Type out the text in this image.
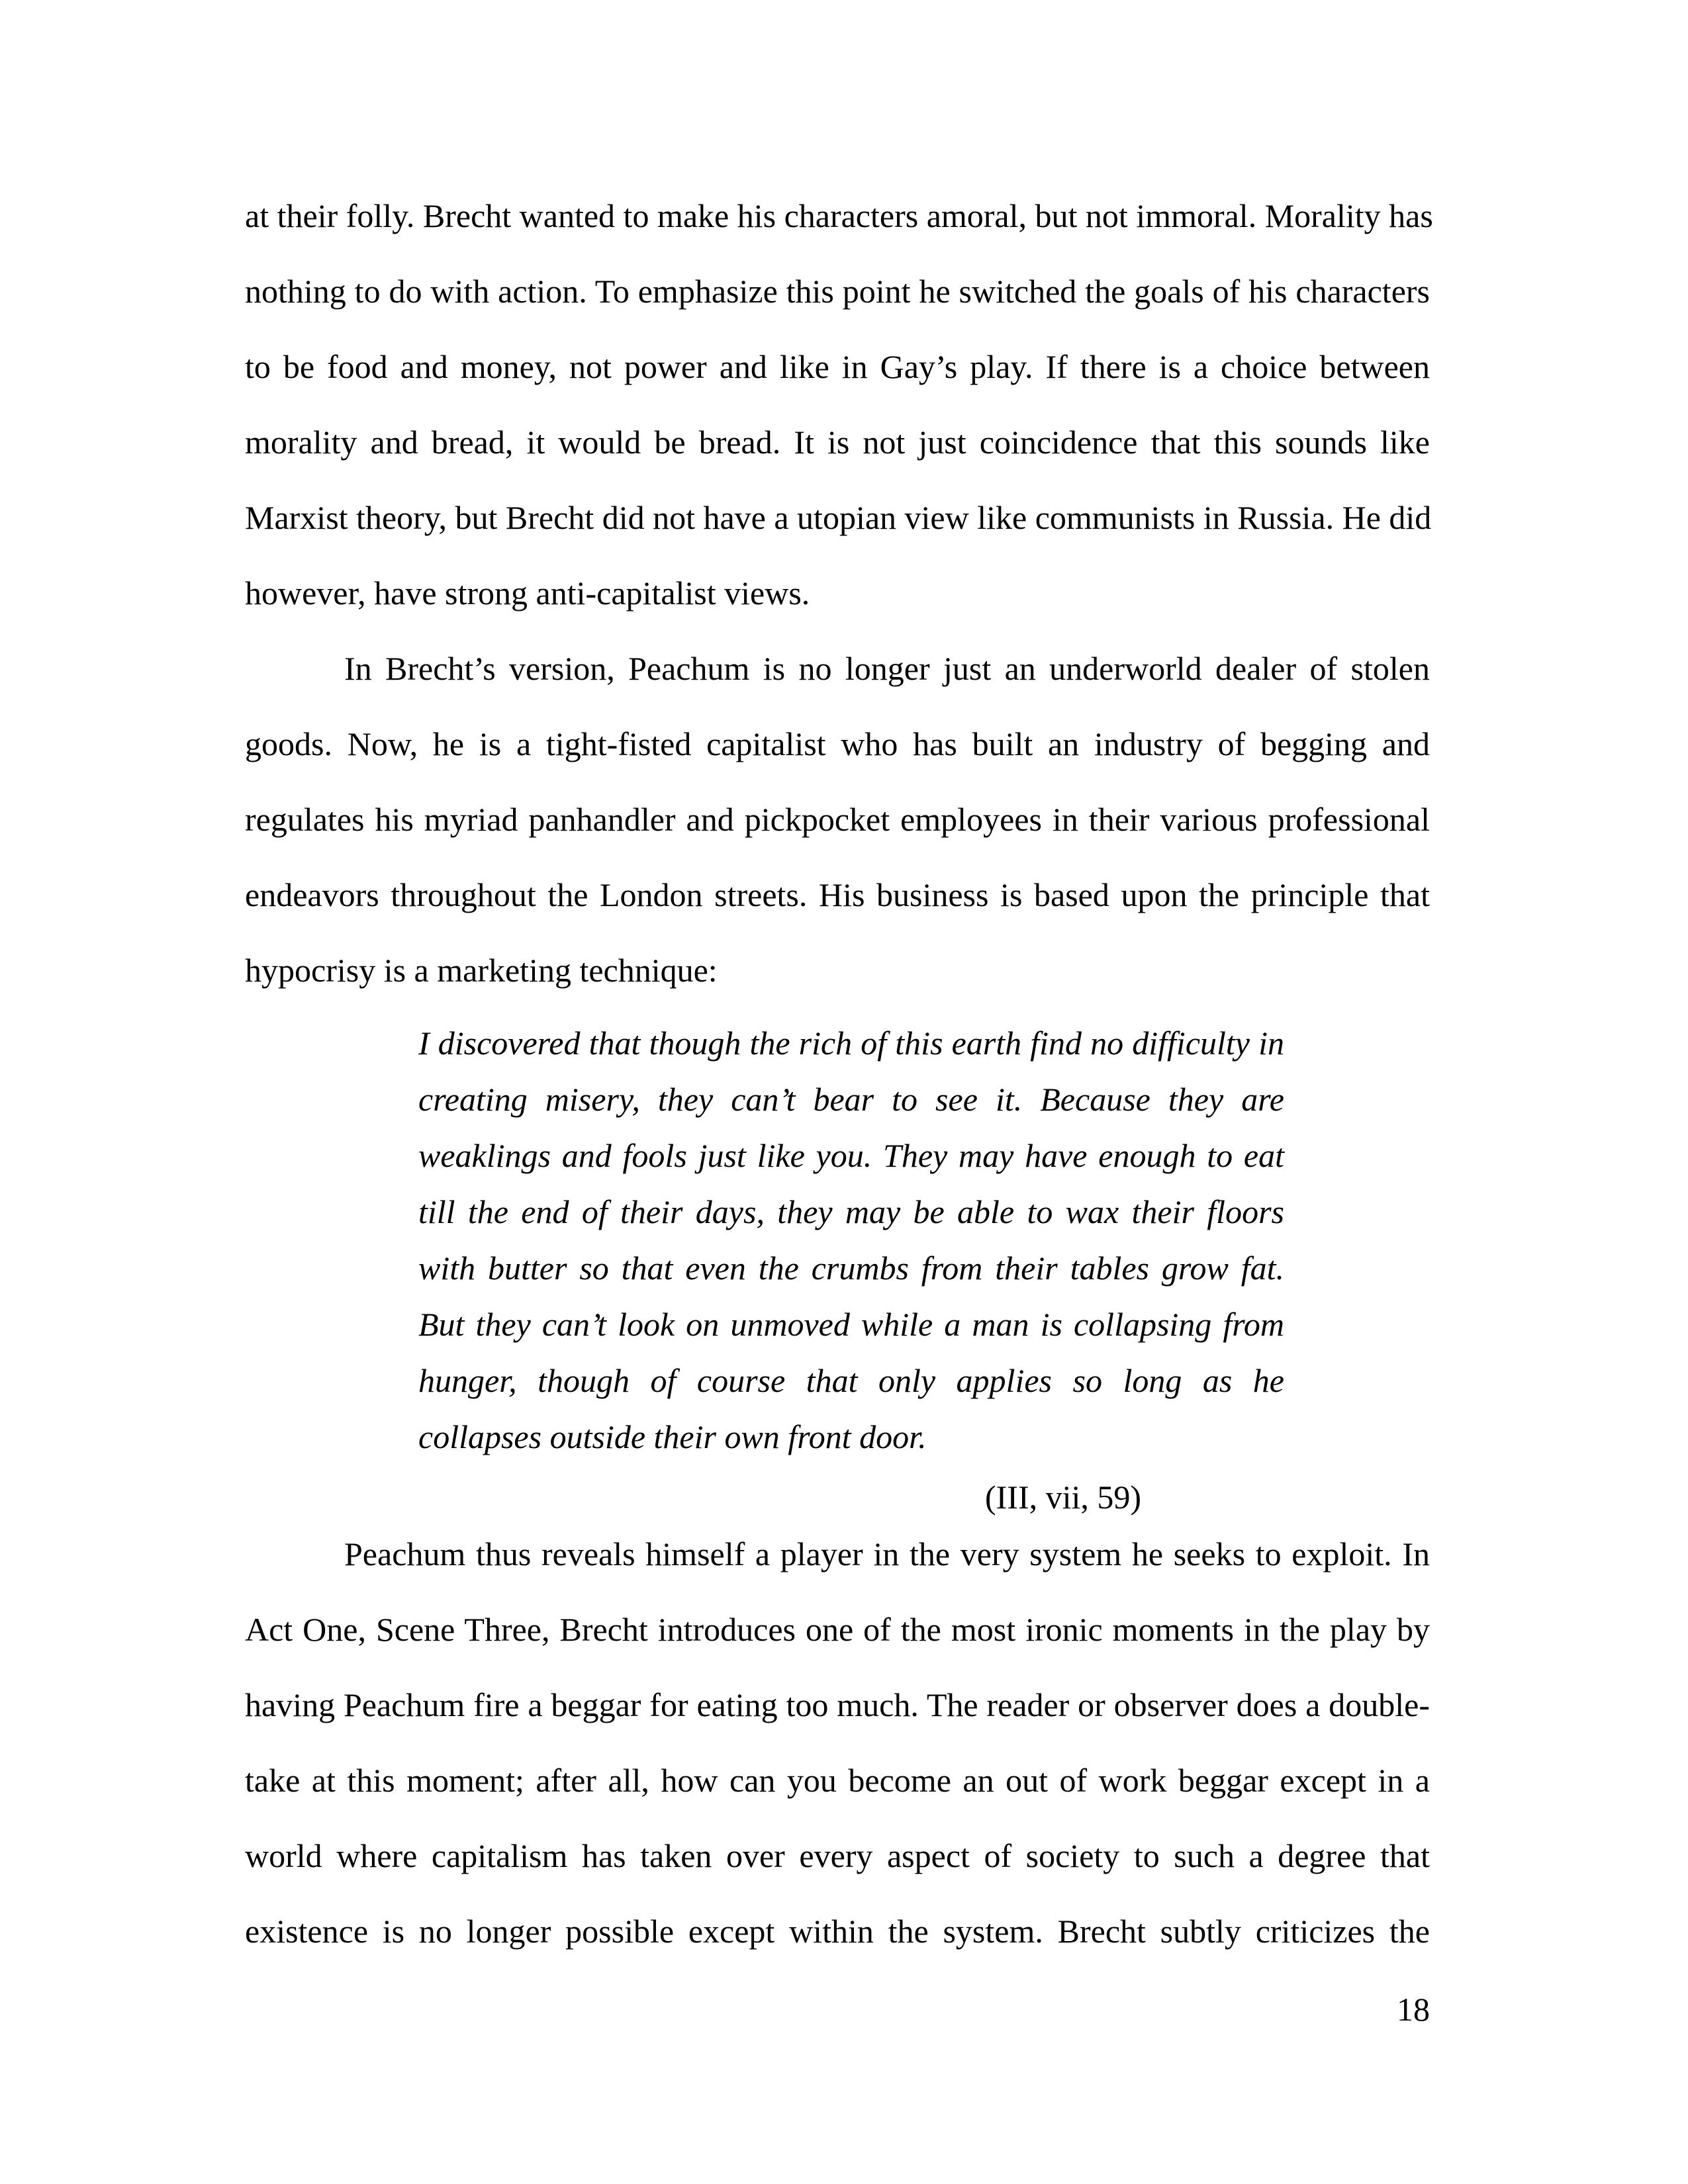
at their folly. Brecht wanted to make his characters amoral, but not immoral. Morality has
nothing to do with action. To emphasize this point he switched the goals of his characters
to be food and money, not power and like in Gay’s play. If there is a choice between
morality and bread, it would be bread. It is not just coincidence that this sounds like
Marxist theory, but Brecht did not have a utopian view like communists in Russia. He did
however, have strong anti-capitalist views.
In Brecht’s version, Peachum is no longer just an underworld dealer of stolen
goods. Now, he is a tight-fisted capitalist who has built an industry of begging and
regulates his myriad panhandler and pickpocket employees in their various professional
endeavors throughout the London streets. His business is based upon the principle that
hypocrisy is a marketing technique:
I discovered that though the rich of this earth find no difficulty in
creating misery, they can’t bear to see it. Because they are
weaklings and fools just like you. They may have enough to eat
till the end of their days, they may be able to wax their floors
with butter so that even the crumbs from their tables grow fat.
But they can’t look on unmoved while a man is collapsing from
hunger, though of course that only applies so long as he
collapses outside their own front door.
(III, vii, 59)
Peachum thus reveals himself a player in the very system he seeks to exploit. In
Act One, Scene Three, Brecht introduces one of the most ironic moments in the play by
having Peachum fire a beggar for eating too much. The reader or observer does a double-
take at this moment; after all, how can you become an out of work beggar except in a
world where capitalism has taken over every aspect of society to such a degree that
existence is no longer possible except within the system. Brecht subtly criticizes the
18
